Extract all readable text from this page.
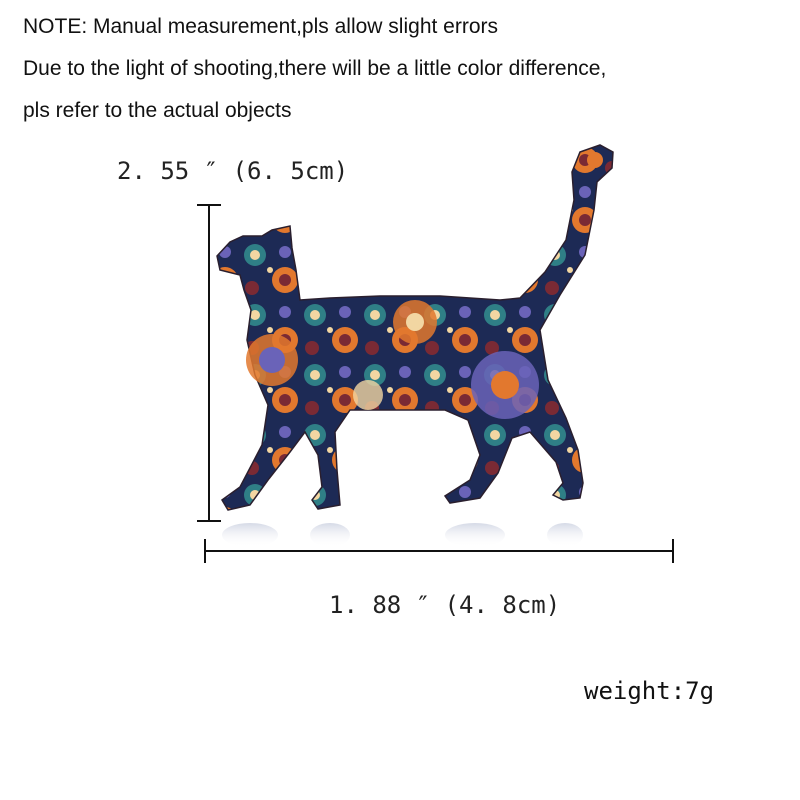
NOTE: Manual measurement,pls allow slight errors
Due to the light of shooting,there will be a little color difference,
pls refer to the actual objects
2. 55 ″ (6. 5cm)
1. 88 ″ (4. 8cm)
weight:7g
